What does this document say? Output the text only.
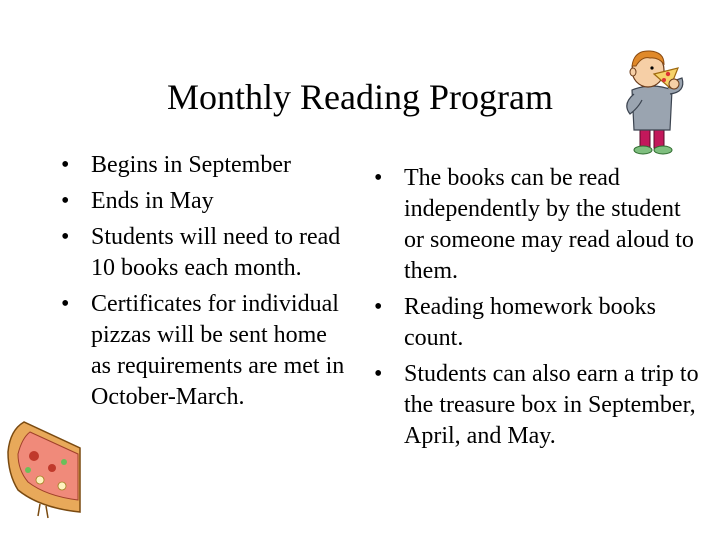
Monthly Reading Program
• Begins in September
• Ends in May
• Students will need to read 10 books each month.
• Certificates for individual pizzas will be sent home as requirements are met in October-March.
• The books can be read independently by the student or someone may read aloud to them.
• Reading homework books count.
• Students can also earn a trip to the treasure box in September, April, and May.
